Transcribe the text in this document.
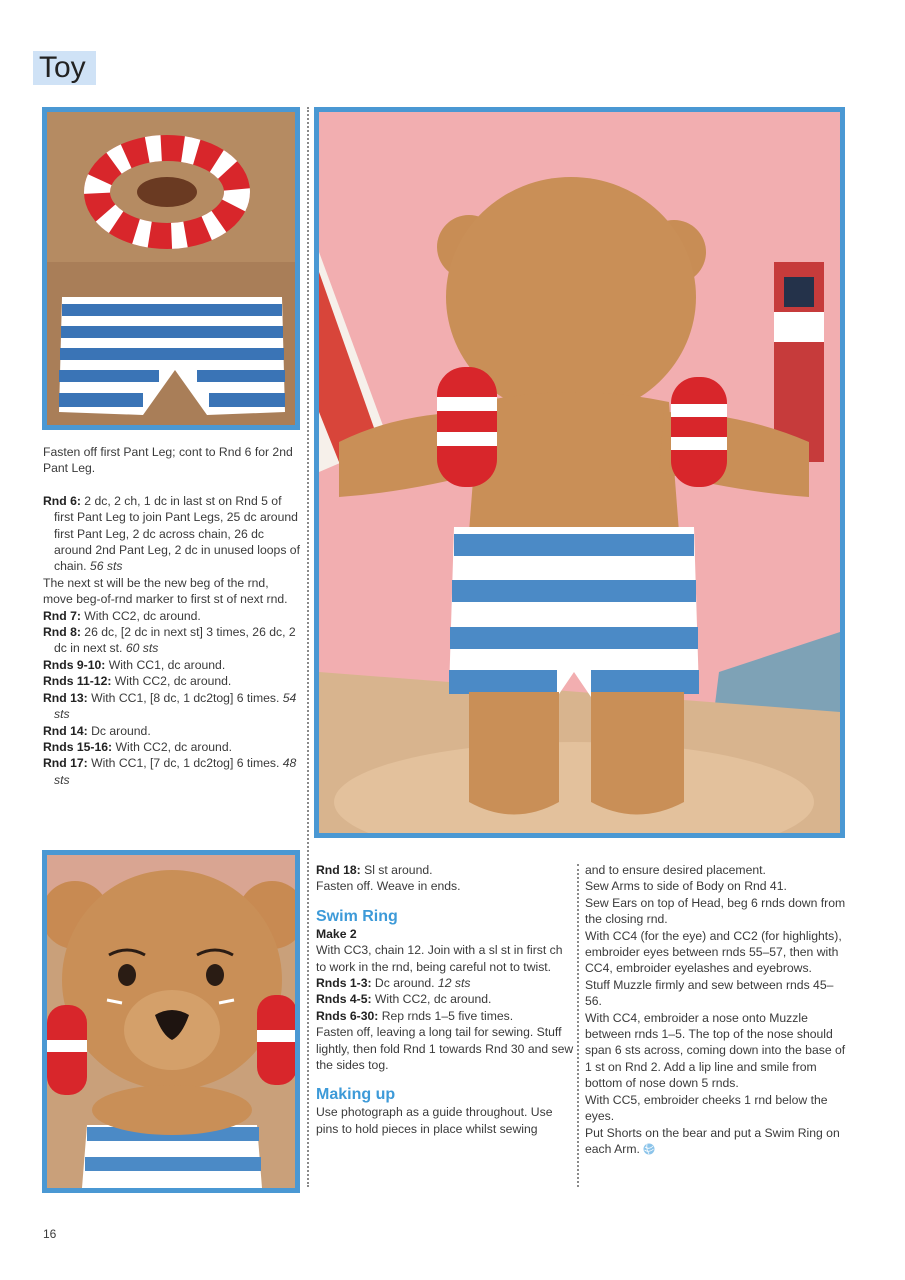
Toy

Fasten off first Pant Leg; cont to Rnd 6 for 2nd Pant Leg.

Rnd 6: 2 dc, 2 ch, 1 dc in last st on Rnd 5 of first Pant Leg to join Pant Legs, 25 dc around first Pant Leg, 2 dc across chain, 26 dc around 2nd Pant Leg, 2 dc in unused loops of chain. 56 sts

The next st will be the new beg of the rnd, move beg-of-rnd marker to first st of next rnd.

Rnd 7: With CC2, dc around.

Rnd 8: 26 dc, [2 dc in next st] 3 times, 26 dc, 2 dc in next st. 60 sts

Rnds 9-10: With CC1, dc around.

Rnds 11-12: With CC2, dc around.

Rnd 13: With CC1, [8 dc, 1 dc2tog] 6 times. 54 sts

Rnd 14: Dc around.

Rnds 15-16: With CC2, dc around.

Rnd 17: With CC1, [7 dc, 1 dc2tog] 6 times. 48 sts

Rnd 18: Sl st around.

Fasten off. Weave in ends.

Swim Ring

Make 2

With CC3, chain 12. Join with a sl st in first ch to work in the rnd, being careful not to twist.

Rnds 1-3: Dc around. 12 sts

Rnds 4-5: With CC2, dc around.

Rnds 6-30: Rep rnds 1–5 five times.

Fasten off, leaving a long tail for sewing. Stuff lightly, then fold Rnd 1 towards Rnd 30 and sew the sides tog.

Making up

Use photograph as a guide throughout. Use pins to hold pieces in place whilst sewing

and to ensure desired placement.

Sew Arms to side of Body on Rnd 41.

Sew Ears on top of Head, beg 6 rnds down from the closing rnd.

With CC4 (for the eye) and CC2 (for highlights), embroider eyes between rnds 55–57, then with CC4, embroider eyelashes and eyebrows.

Stuff Muzzle firmly and sew between rnds 45–56.

With CC4, embroider a nose onto Muzzle between rnds 1–5. The top of the nose should span 6 sts across, coming down into the base of 1 st on Rnd 2. Add a lip line and smile from bottom of nose down 5 rnds.

With CC5, embroider cheeks 1 rnd below the eyes.

Put Shorts on the bear and put a Swim Ring on each Arm.

16
